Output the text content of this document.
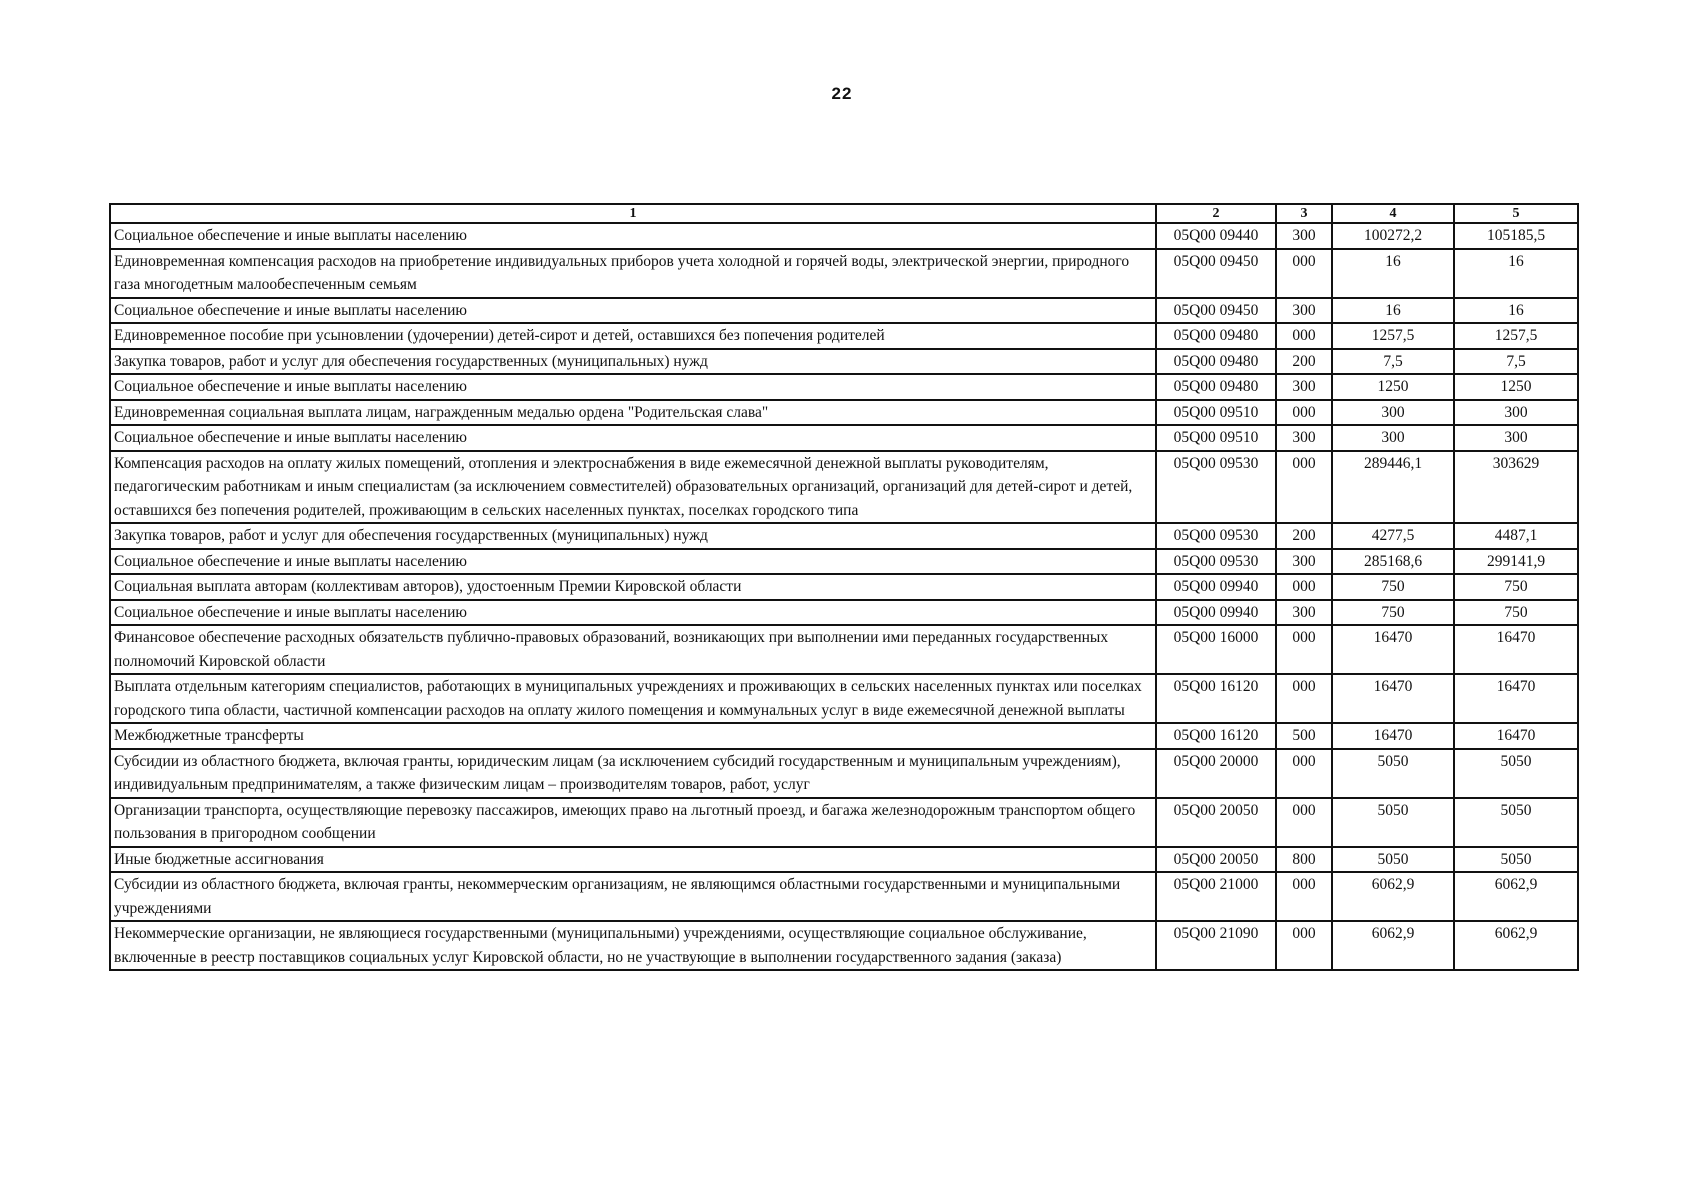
22
1	2	3	4	5
Социальное обеспечение и иные выплаты населению	05Q00 09440	300	100272,2	105185,5
Единовременная компенсация расходов на приобретение индивидуальных приборов учета холодной и горячей воды, электрической энергии, природного газа многодетным малообеспеченным семьям	05Q00 09450	000	16	16
Социальное обеспечение и иные выплаты населению	05Q00 09450	300	16	16
Единовременное пособие при усыновлении (удочерении) детей-сирот и детей, оставшихся без попечения родителей	05Q00 09480	000	1257,5	1257,5
Закупка товаров, работ и услуг для обеспечения государственных (муниципальных) нужд	05Q00 09480	200	7,5	7,5
Социальное обеспечение и иные выплаты населению	05Q00 09480	300	1250	1250
Единовременная социальная выплата лицам, награжденным медалью ордена "Родительская слава"	05Q00 09510	000	300	300
Социальное обеспечение и иные выплаты населению	05Q00 09510	300	300	300
Компенсация расходов на оплату жилых помещений, отопления и электроснабжения в виде ежемесячной денежной выплаты руководителям, педагогическим работникам и иным специалистам (за исключением совместителей) образовательных организаций, организаций для детей-сирот и детей, оставшихся без попечения родителей, проживающим в сельских населенных пунктах, поселках городского типа	05Q00 09530	000	289446,1	303629
Закупка товаров, работ и услуг для обеспечения государственных (муниципальных) нужд	05Q00 09530	200	4277,5	4487,1
Социальное обеспечение и иные выплаты населению	05Q00 09530	300	285168,6	299141,9
Социальная выплата авторам (коллективам авторов), удостоенным Премии Кировской области	05Q00 09940	000	750	750
Социальное обеспечение и иные выплаты населению	05Q00 09940	300	750	750
Финансовое обеспечение расходных обязательств публично-правовых образований, возникающих при выполнении ими переданных государственных полномочий Кировской области	05Q00 16000	000	16470	16470
Выплата отдельным категориям специалистов, работающих в муниципальных учреждениях и проживающих в сельских населенных пунктах или поселках городского типа области, частичной компенсации расходов на оплату жилого помещения и коммунальных услуг в виде ежемесячной денежной выплаты	05Q00 16120	000	16470	16470
Межбюджетные трансферты	05Q00 16120	500	16470	16470
Субсидии из областного бюджета, включая гранты, юридическим лицам (за исключением субсидий государственным и муниципальным учреждениям), индивидуальным предпринимателям, а также физическим лицам – производителям товаров, работ, услуг	05Q00 20000	000	5050	5050
Организации транспорта, осуществляющие перевозку пассажиров, имеющих право на льготный проезд, и багажа железнодорожным транспортом общего пользования в пригородном сообщении	05Q00 20050	000	5050	5050
Иные бюджетные ассигнования	05Q00 20050	800	5050	5050
Субсидии из областного бюджета, включая гранты, некоммерческим организациям, не являющимся областными государственными и муниципальными учреждениями	05Q00 21000	000	6062,9	6062,9
Некоммерческие организации, не являющиеся государственными (муниципальными) учреждениями, осуществляющие социальное обслуживание, включенные в реестр поставщиков социальных услуг Кировской области, но не участвующие в выполнении государственного задания (заказа)	05Q00 21090	000	6062,9	6062,9
